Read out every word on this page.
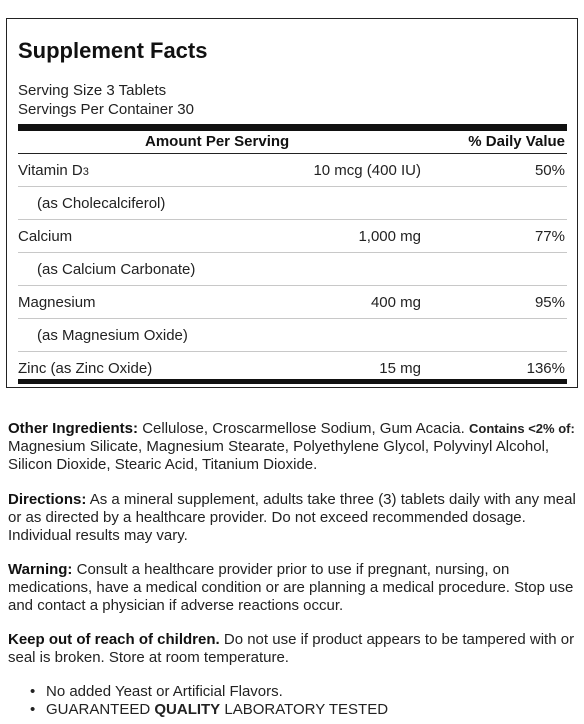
Supplement Facts
Serving Size 3 Tablets
Servings Per Container 30
Amount Per Serving	% Daily Value
Vitamin D3	10 mcg (400 IU)	50%
(as Cholecalciferol)
Calcium	1,000 mg	77%
(as Calcium Carbonate)
Magnesium	400 mg	95%
(as Magnesium Oxide)
Zinc (as Zinc Oxide)	15 mg	136%
Other Ingredients: Cellulose, Croscarmellose Sodium, Gum Acacia. Contains <2% of: Magnesium Silicate, Magnesium Stearate, Polyethylene Glycol, Polyvinyl Alcohol, Silicon Dioxide, Stearic Acid, Titanium Dioxide.
Directions: As a mineral supplement, adults take three (3) tablets daily with any meal or as directed by a healthcare provider. Do not exceed recommended dosage. Individual results may vary.
Warning: Consult a healthcare provider prior to use if pregnant, nursing, on medications, have a medical condition or are planning a medical procedure. Stop use and contact a physician if adverse reactions occur.
Keep out of reach of children. Do not use if product appears to be tampered with or seal is broken. Store at room temperature.
• No added Yeast or Artificial Flavors.
• GUARANTEED QUALITY LABORATORY TESTED
